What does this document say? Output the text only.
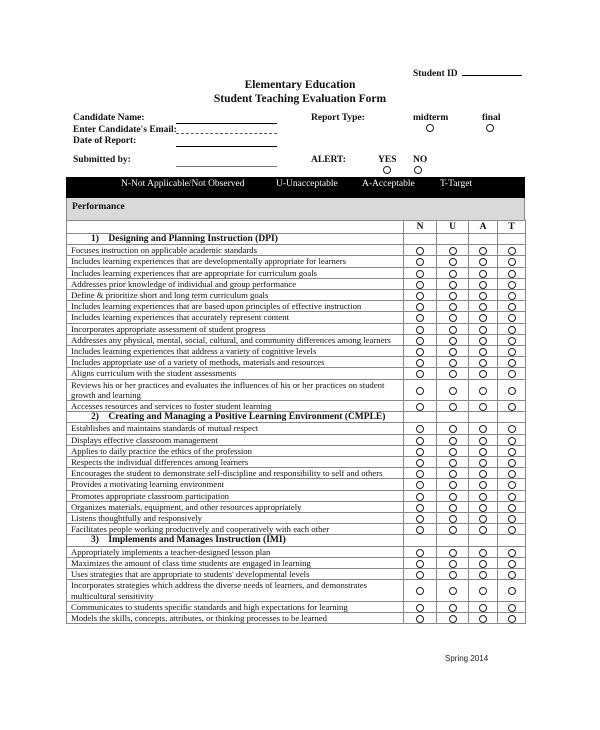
Student ID
Elementary Education
Student Teaching Evaluation Form
Candidate Name:
Enter Candidate's Email:
Date of Report:
Submitted by:
Report Type:	midterm	final
ALERT:	YES NO
N-Not Applicable/Not Observed	U-Unacceptable	A-Acceptable	T-Target
Performance
	N	U	A	T
1)    Designing and Planning Instruction (DPI)				
Focuses instruction on applicable academic standards				
Includes learning experiences that are developmentally appropriate for learners				
Includes learning experiences that are appropriate for curriculum goals				
Addresses prior knowledge of individual and group performance				
Define & prioritize short and long term curriculum goals				
Includes learning experiences that are based upon principles of effective instruction				
Includes learning experiences that accurately represent content				
Incorporates appropriate assessment of student progress				
Addresses any physical, mental, social, cultural, and community differences among learners				
Includes learning experiences that address a variety of cognitive levels				
Includes appropriate use of a variety of methods, materials and resources				
Aligns curriculum with the student assessments				
Reviews his or her practices and evaluates the influences of his or her practices on student growth and learning				
Accesses resources and services to foster student learning				
2)    Creating and Managing a Positive Learning Environment (CMPLE)				
Establishes and maintains standards of mutual respect				
Displays effective classroom management				
Applies to daily practice the ethics of the profession				
Respects the individual differences among learners				
Encourages the student to demonstrate self-discipline and responsibility to self and others				
Provides a motivating learning environment				
Promotes appropriate classroom participation				
Organizes materials, equipment, and other resources appropriately				
Listens thoughtfully and responsively				
Facilitates people working productively and cooperatively with each other				
3)    Implements and Manages Instruction (IMI)				
Appropriately implements a teacher-designed lesson plan				
Maximizes the amount of class time students are engaged in learning				
Uses strategies that are appropriate to students' developmental levels				
Incorporates strategies which address the diverse needs of learners, and demonstrates multicultural sensitivity				
Communicates to students specific standards and high expectations for learning				
Models the skills, concepts, attributes, or thinking processes to be learned				
Spring 2014
